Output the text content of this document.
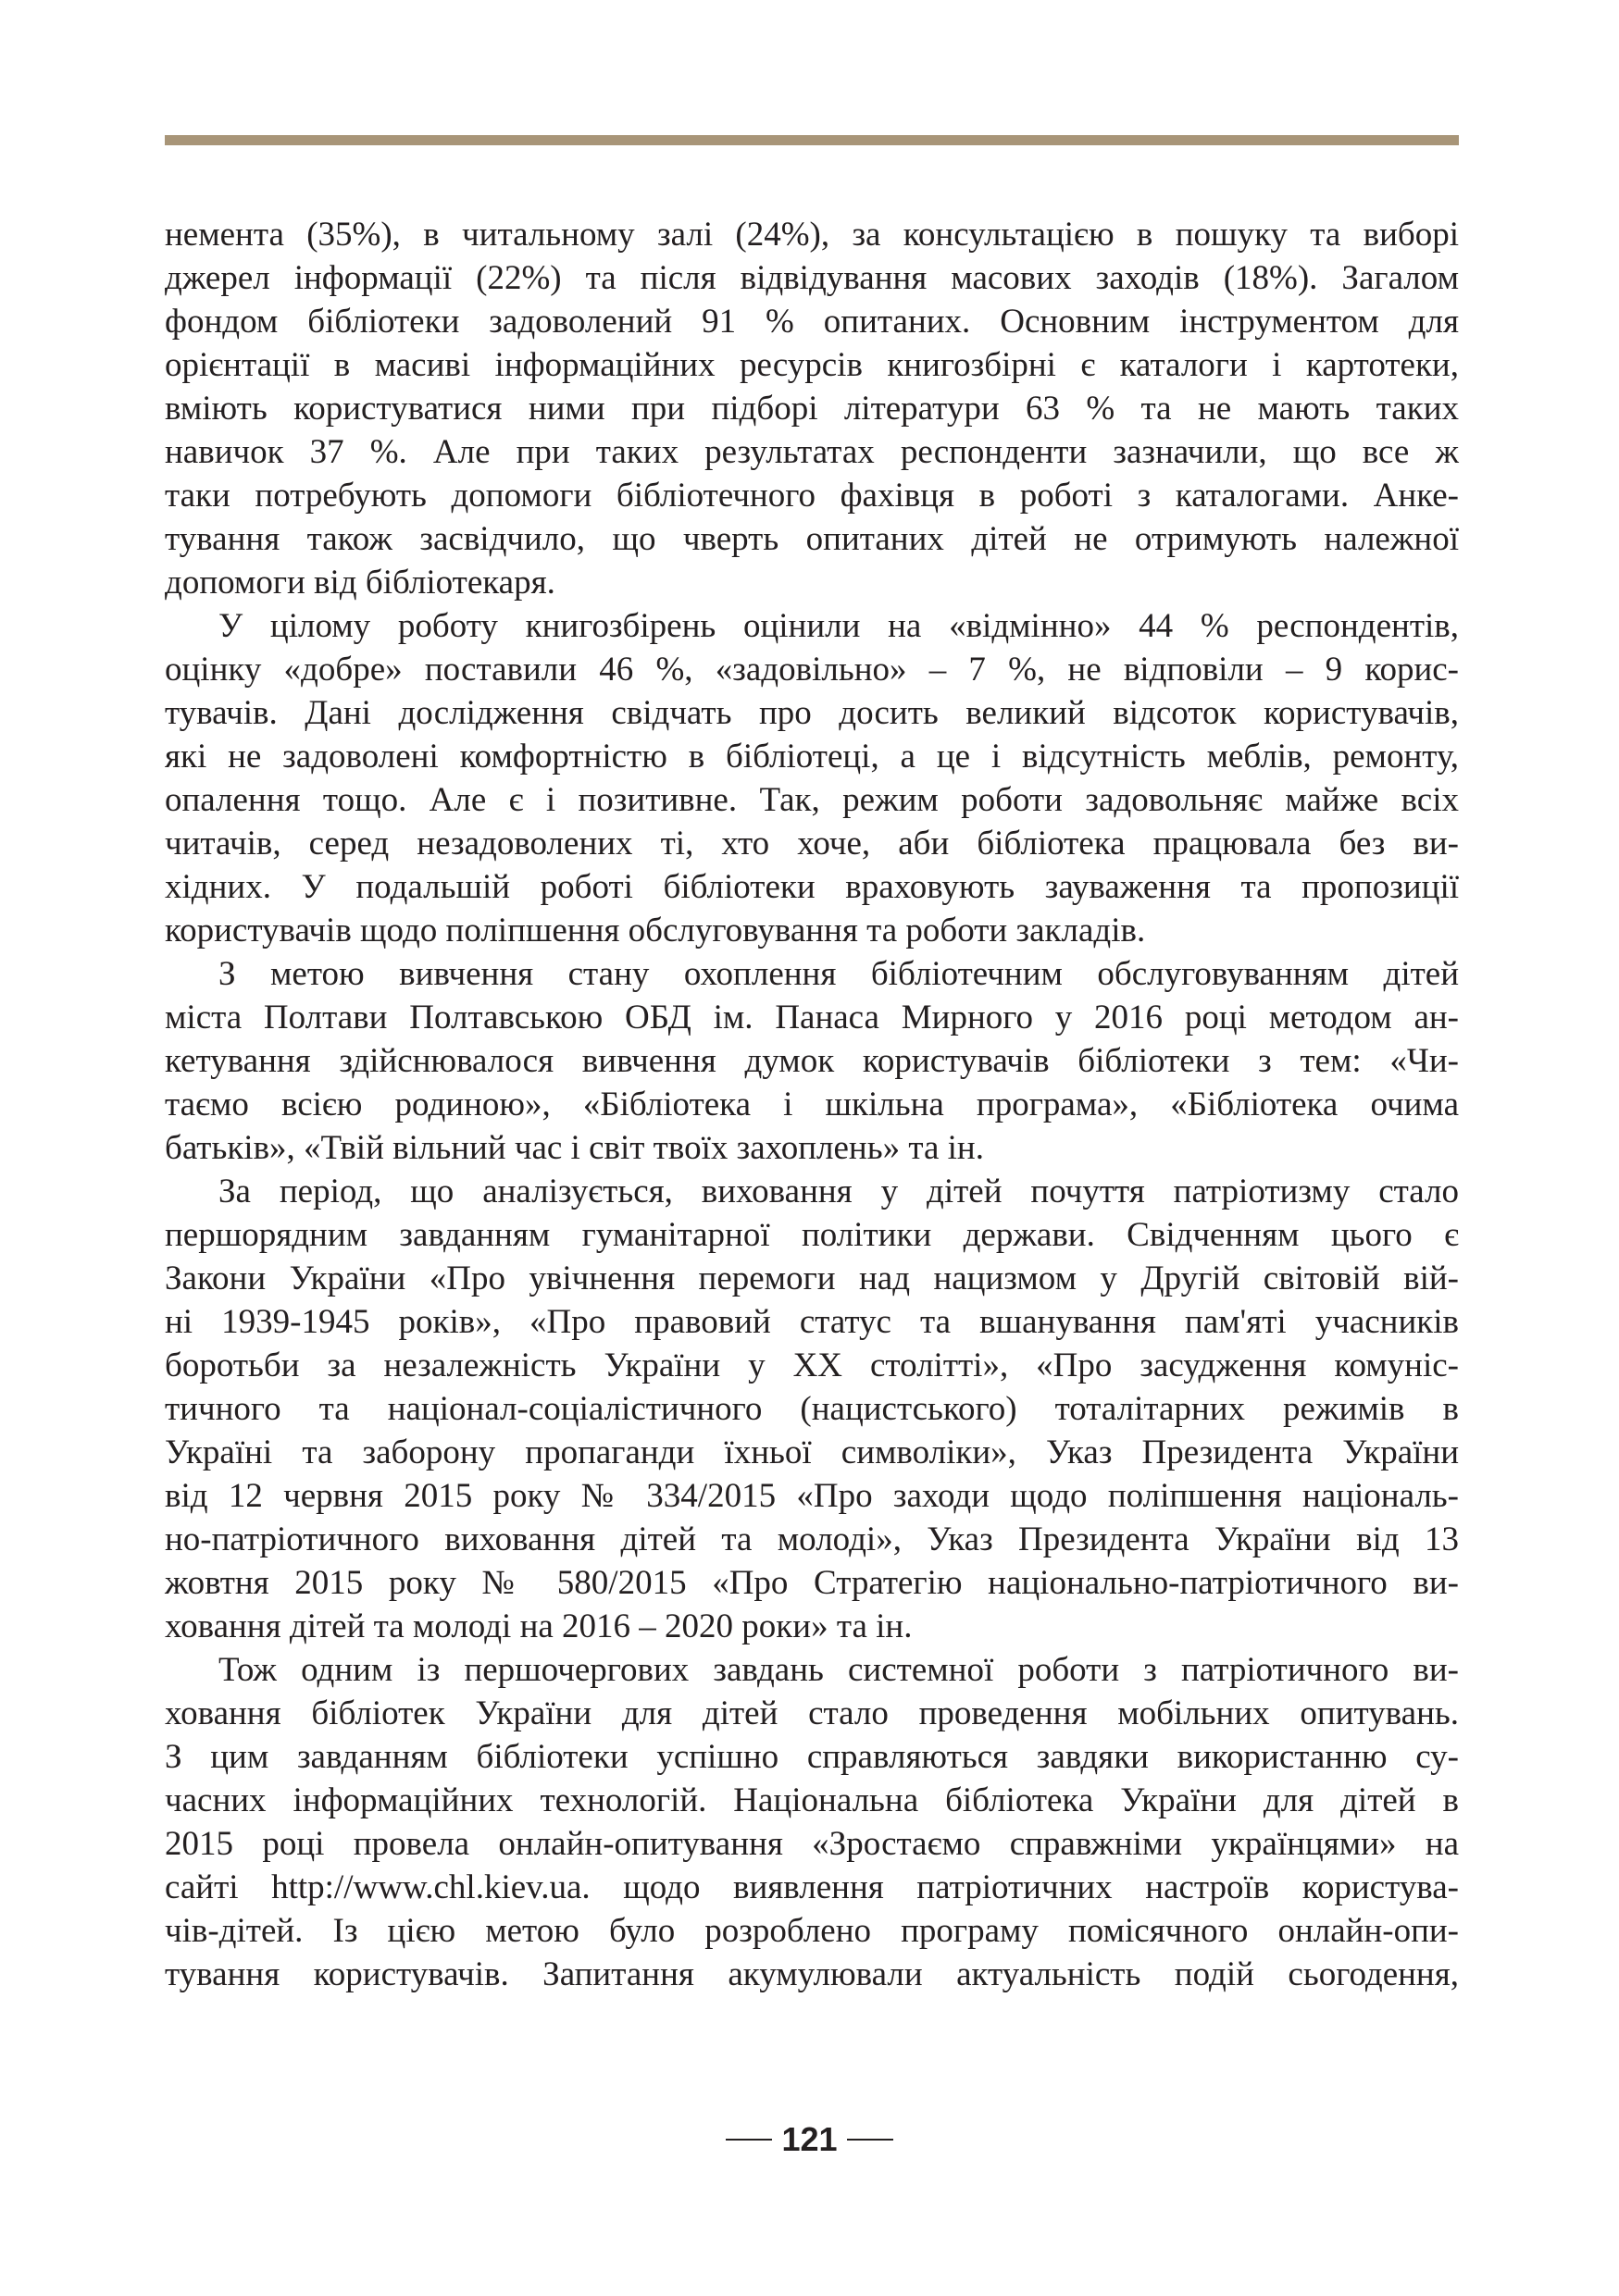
немента (35%), в читальному залі (24%), за консультацією в пошуку та виборі
джерел інформації (22%) та після відвідування масових заходів (18%). Загалом
фондом бібліотеки задоволений 91 % опитаних. Основним інструментом для
орієнтації в масиві інформаційних ресурсів книгозбірні є каталоги і картотеки,
вміють користуватися ними при підборі літератури 63 % та не мають таких
навичок 37 %. Але при таких результатах респонденти зазначили, що все ж
таки потребують допомоги бібліотечного фахівця в роботі з каталогами. Анке-
тування також засвідчило, що чверть опитаних дітей не отримують належної
допомоги від бібліотекаря.
У цілому роботу книгозбірень оцінили на «відмінно» 44 % респондентів,
оцінку «добре» поставили 46 %, «задовільно» – 7 %, не відповіли – 9 корис-
тувачів. Дані дослідження свідчать про досить великий відсоток користувачів,
які не задоволені комфортністю в бібліотеці, а це і відсутність меблів, ремонту,
опалення тощо. Але є і позитивне. Так, режим роботи задовольняє майже всіх
читачів, серед незадоволених ті, хто хоче, аби бібліотека працювала без ви-
хідних. У подальшій роботі бібліотеки враховують зауваження та пропозиції
користувачів щодо поліпшення обслуговування та роботи закладів.
З метою вивчення стану охоплення бібліотечним обслуговуванням дітей
міста Полтави Полтавською ОБД ім. Панаса Мирного у 2016 році методом ан-
кетування здійснювалося вивчення думок користувачів бібліотеки з тем: «Чи-
таємо всією родиною», «Бібліотека і шкільна програма», «Бібліотека очима
батьків», «Твій вільний час і світ твоїх захоплень» та ін.
За період, що аналізується, виховання у дітей почуття патріотизму стало
першорядним завданням гуманітарної політики держави. Свідченням цього є
Закони України «Про увічнення перемоги над нацизмом у Другій світовій вій-
ні 1939-1945 років», «Про правовий статус та вшанування пам'яті учасників
боротьби за незалежність України у ХХ столітті», «Про засудження комуніс-
тичного та націонал-соціалістичного (нацистського) тоталітарних режимів в
Україні та заборону пропаганди їхньої символіки», Указ Президента України
від 12 червня 2015 року № 334/2015 «Про заходи щодо поліпшення національ-
но-патріотичного виховання дітей та молоді», Указ Президента України від 13
жовтня 2015 року № 580/2015 «Про Стратегію національно-патріотичного ви-
ховання дітей та молоді на 2016 – 2020 роки» та ін.
Тож одним із першочергових завдань системної роботи з патріотичного ви-
ховання бібліотек України для дітей стало проведення мобільних опитувань.
З цим завданням бібліотеки успішно справляються завдяки використанню су-
часних інформаційних технологій. Національна бібліотека України для дітей в
2015 році провела онлайн-опитування «Зростаємо справжніми українцями» на
сайті http://www.chl.kiev.ua. щодо виявлення патріотичних настроїв користува-
чів-дітей. Із цією метою було розроблено програму помісячного онлайн-опи-
тування користувачів. Запитання акумулювали актуальність подій сьогодення,
121
